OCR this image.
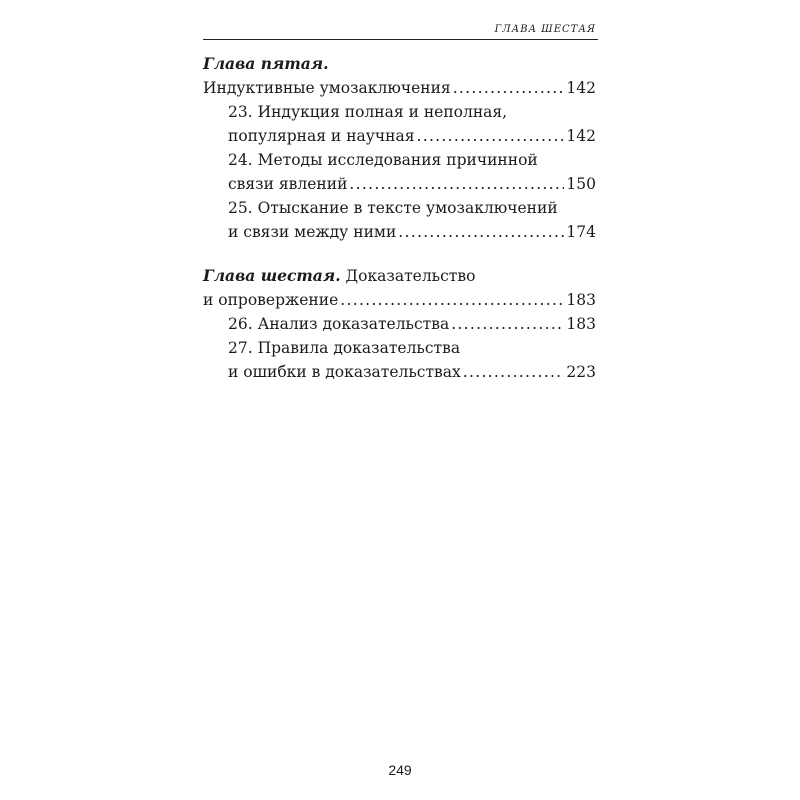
ГЛАВА ШЕСТАЯ
Глава пятая.
Индуктивные умозаключения .....	142
23. Индукция полная и неполная,
популярная и научная .....	142
24. Методы исследования причинной
связи явлений .....	150
25. Отыскание в тексте умозаключений
и связи между ними .....	174
Глава шестая.
Доказательство
и опровержение .....	183
26. Анализ доказательства .....	183
27. Правила доказательства
и ошибки в доказательствах .....	223
249
